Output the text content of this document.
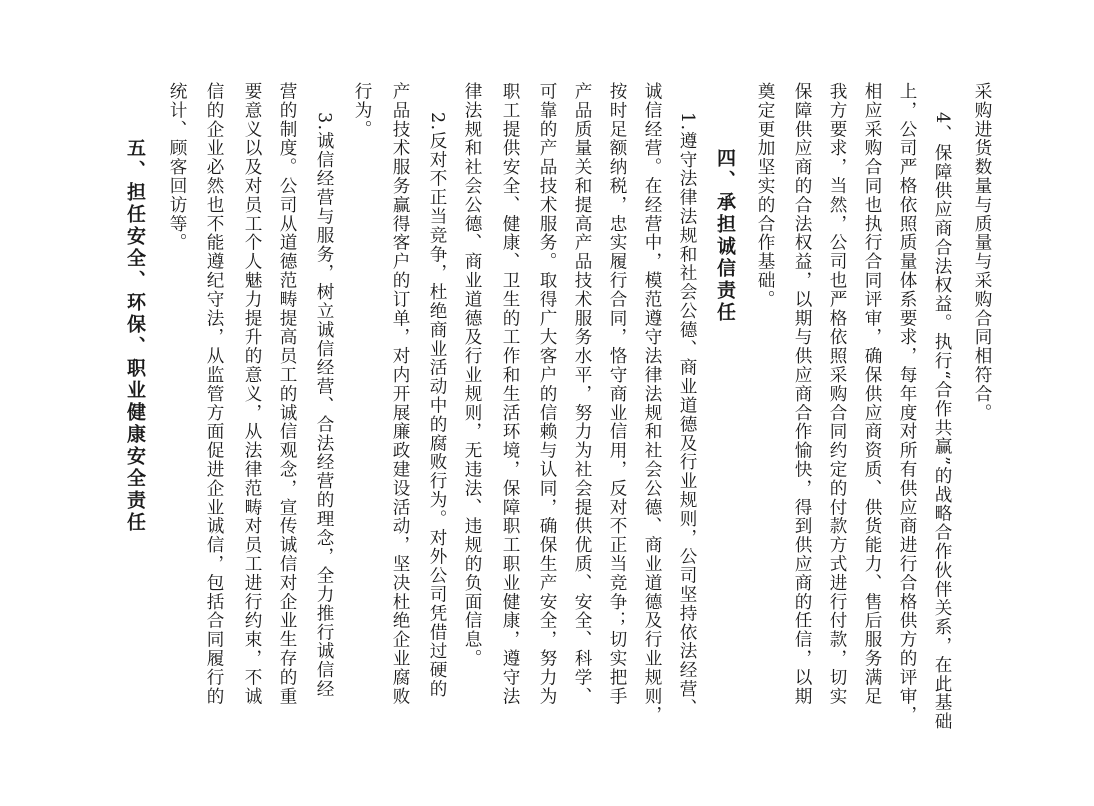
采购进货数量与质量与采购合同相符合。
4、保障供应商合法权益。执行“合作共赢”的战略合作伙伴关系，在此基础
上，公司严格依照质量体系要求，每年度对所有供应商进行合格供方的评审，
相应采购合同也执行合同评审，确保供应商资质、供货能力、售后服务满足
我方要求，当然，公司也严格依照采购合同约定的付款方式进行付款，切实
保障供应商的合法权益，以期与供应商合作愉快，得到供应商的任信，以期
奠定更加坚实的合作基础。
四、承担诚信责任
1.遵守法律法规和社会公德、商业道德及行业规则，公司坚持依法经营、
诚信经营。在经营中，模范遵守法律法规和社会公德、商业道德及行业规则，
按时足额纳税，忠实履行合同，恪守商业信用，反对不正当竞争；切实把手
产品质量关和提高产品技术服务水平，努力为社会提供优质、安全、科学、
可靠的产品技术服务。取得广大客户的信赖与认同，确保生产安全，努力为
职工提供安全、健康、卫生的工作和生活环境，保障职工职业健康，遵守法
律法规和社会公德、商业道德及行业规则，无违法、违规的负面信息。
2.反对不正当竞争，杜绝商业活动中的腐败行为。对外公司凭借过硬的
产品技术服务赢得客户的订单，对内开展廉政建设活动，坚决杜绝企业腐败
行为。
3.诚信经营与服务，树立诚信经营、合法经营的理念，全力推行诚信经
营的制度。公司从道德范畴提高员工的诚信观念，宣传诚信对企业生存的重
要意义以及对员工个人魅力提升的意义，从法律范畴对员工进行约束，不诚
信的企业必然也不能遵纪守法，从监管方面促进企业诚信，包括合同履行的
统计、顾客回访等。
五、担任安全、环保、职业健康安全责任
